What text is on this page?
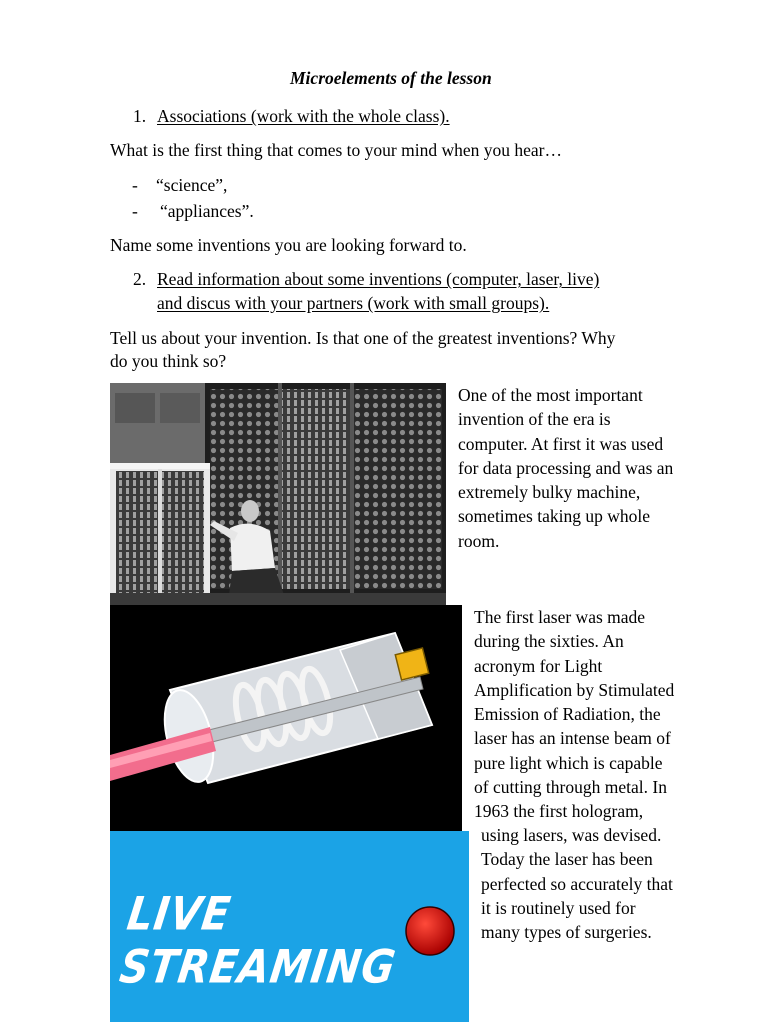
Microelements of the lesson
1. Associations (work with the whole class).
What is the first thing that comes to your mind when you hear…
- “science”,
- “appliances”.
Name some inventions you are looking forward to.
2. Read information about some inventions (computer, laser, live)
and discus with your partners (work with small groups).
Tell us about your invention. Is that one of the greatest inventions? Why
do you think so?
One of the most important
invention of the era is
computer. At first it was used
for data processing and was an
extremely bulky machine,
sometimes taking up whole
room.
The first laser was made
during the sixties. An
acronym for Light
Amplification by Stimulated
Emission of Radiation, the
laser has an intense beam of
pure light which is capable
of cutting through metal. In
1963 the first hologram,
LIVE STREAMING
using lasers, was devised.
Today the laser has been
perfected so accurately that
it is routinely used for
many types of surgeries.
